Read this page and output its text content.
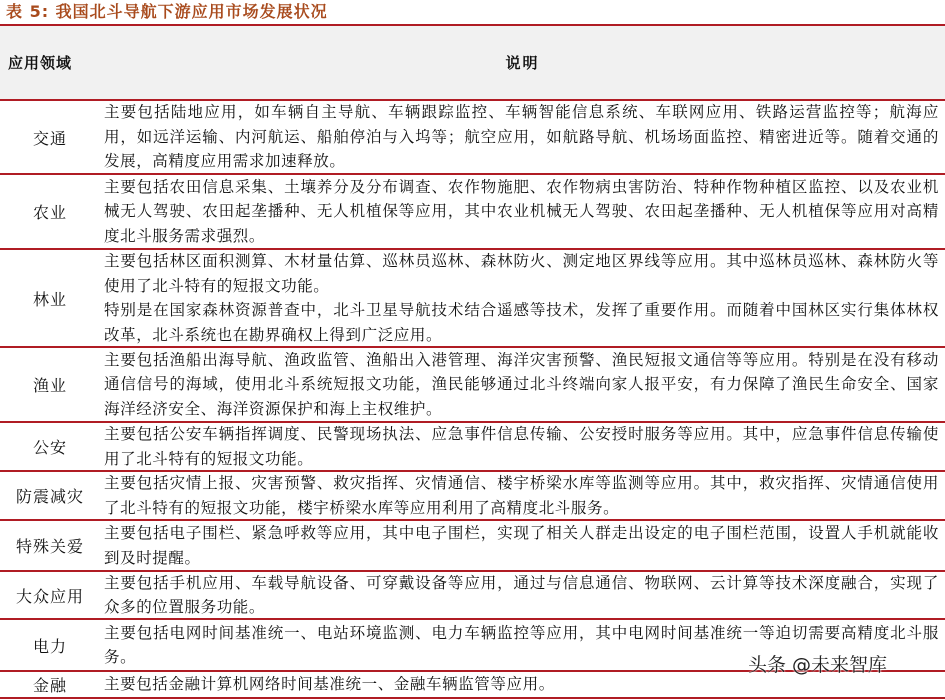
表 5: 我国北斗导航下游应用市场发展状况
应用领域	说明
交通

主要包括陆地应用，如车辆自主导航、车辆跟踪监控、车辆智能信息系统、车联网应用、铁路运营监控等；航海应用，如远洋运输、内河航运、船舶停泊与入坞等；航空应用，如航路导航、机场场面监控、精密进近等。随着交通的发展，高精度应用需求加速释放。

农业

主要包括农田信息采集、土壤养分及分布调查、农作物施肥、农作物病虫害防治、特种作物种植区监控、以及农业机械无人驾驶、农田起垄播种、无人机植保等应用，其中农业机械无人驾驶、农田起垄播种、无人机植保等应用对高精度北斗服务需求强烈。

林业

主要包括林区面积测算、木材量估算、巡林员巡林、森林防火、测定地区界线等应用。其中巡林员巡林、森林防火等使用了北斗特有的短报文功能。

特别是在国家森林资源普查中，北斗卫星导航技术结合遥感等技术，发挥了重要作用。而随着中国林区实行集体林权改革，北斗系统也在勘界确权上得到广泛应用。

渔业

主要包括渔船出海导航、渔政监管、渔船出入港管理、海洋灾害预警、渔民短报文通信等等应用。特别是在没有移动通信信号的海域，使用北斗系统短报文功能，渔民能够通过北斗终端向家人报平安，有力保障了渔民生命安全、国家海洋经济安全、海洋资源保护和海上主权维护。

公安

主要包括公安车辆指挥调度、民警现场执法、应急事件信息传输、公安授时服务等应用。其中，应急事件信息传输使用了北斗特有的短报文功能。

防震减灾

主要包括灾情上报、灾害预警、救灾指挥、灾情通信、楼宇桥梁水库等监测等应用。其中，救灾指挥、灾情通信使用了北斗特有的短报文功能，楼宇桥梁水库等应用利用了高精度北斗服务。

特殊关爱

主要包括电子围栏、紧急呼救等应用，其中电子围栏，实现了相关人群走出设定的电子围栏范围，设置人手机就能收到及时提醒。

大众应用

主要包括手机应用、车载导航设备、可穿戴设备等应用，通过与信息通信、物联网、云计算等技术深度融合，实现了众多的位置服务功能。

电力

主要包括电网时间基准统一、电站环境监测、电力车辆监控等应用，其中电网时间基准统一等迫切需要高精度北斗服务。

金融	主要包括金融计算机网络时间基准统一、金融车辆监管等应用。

头条 @未来智库
